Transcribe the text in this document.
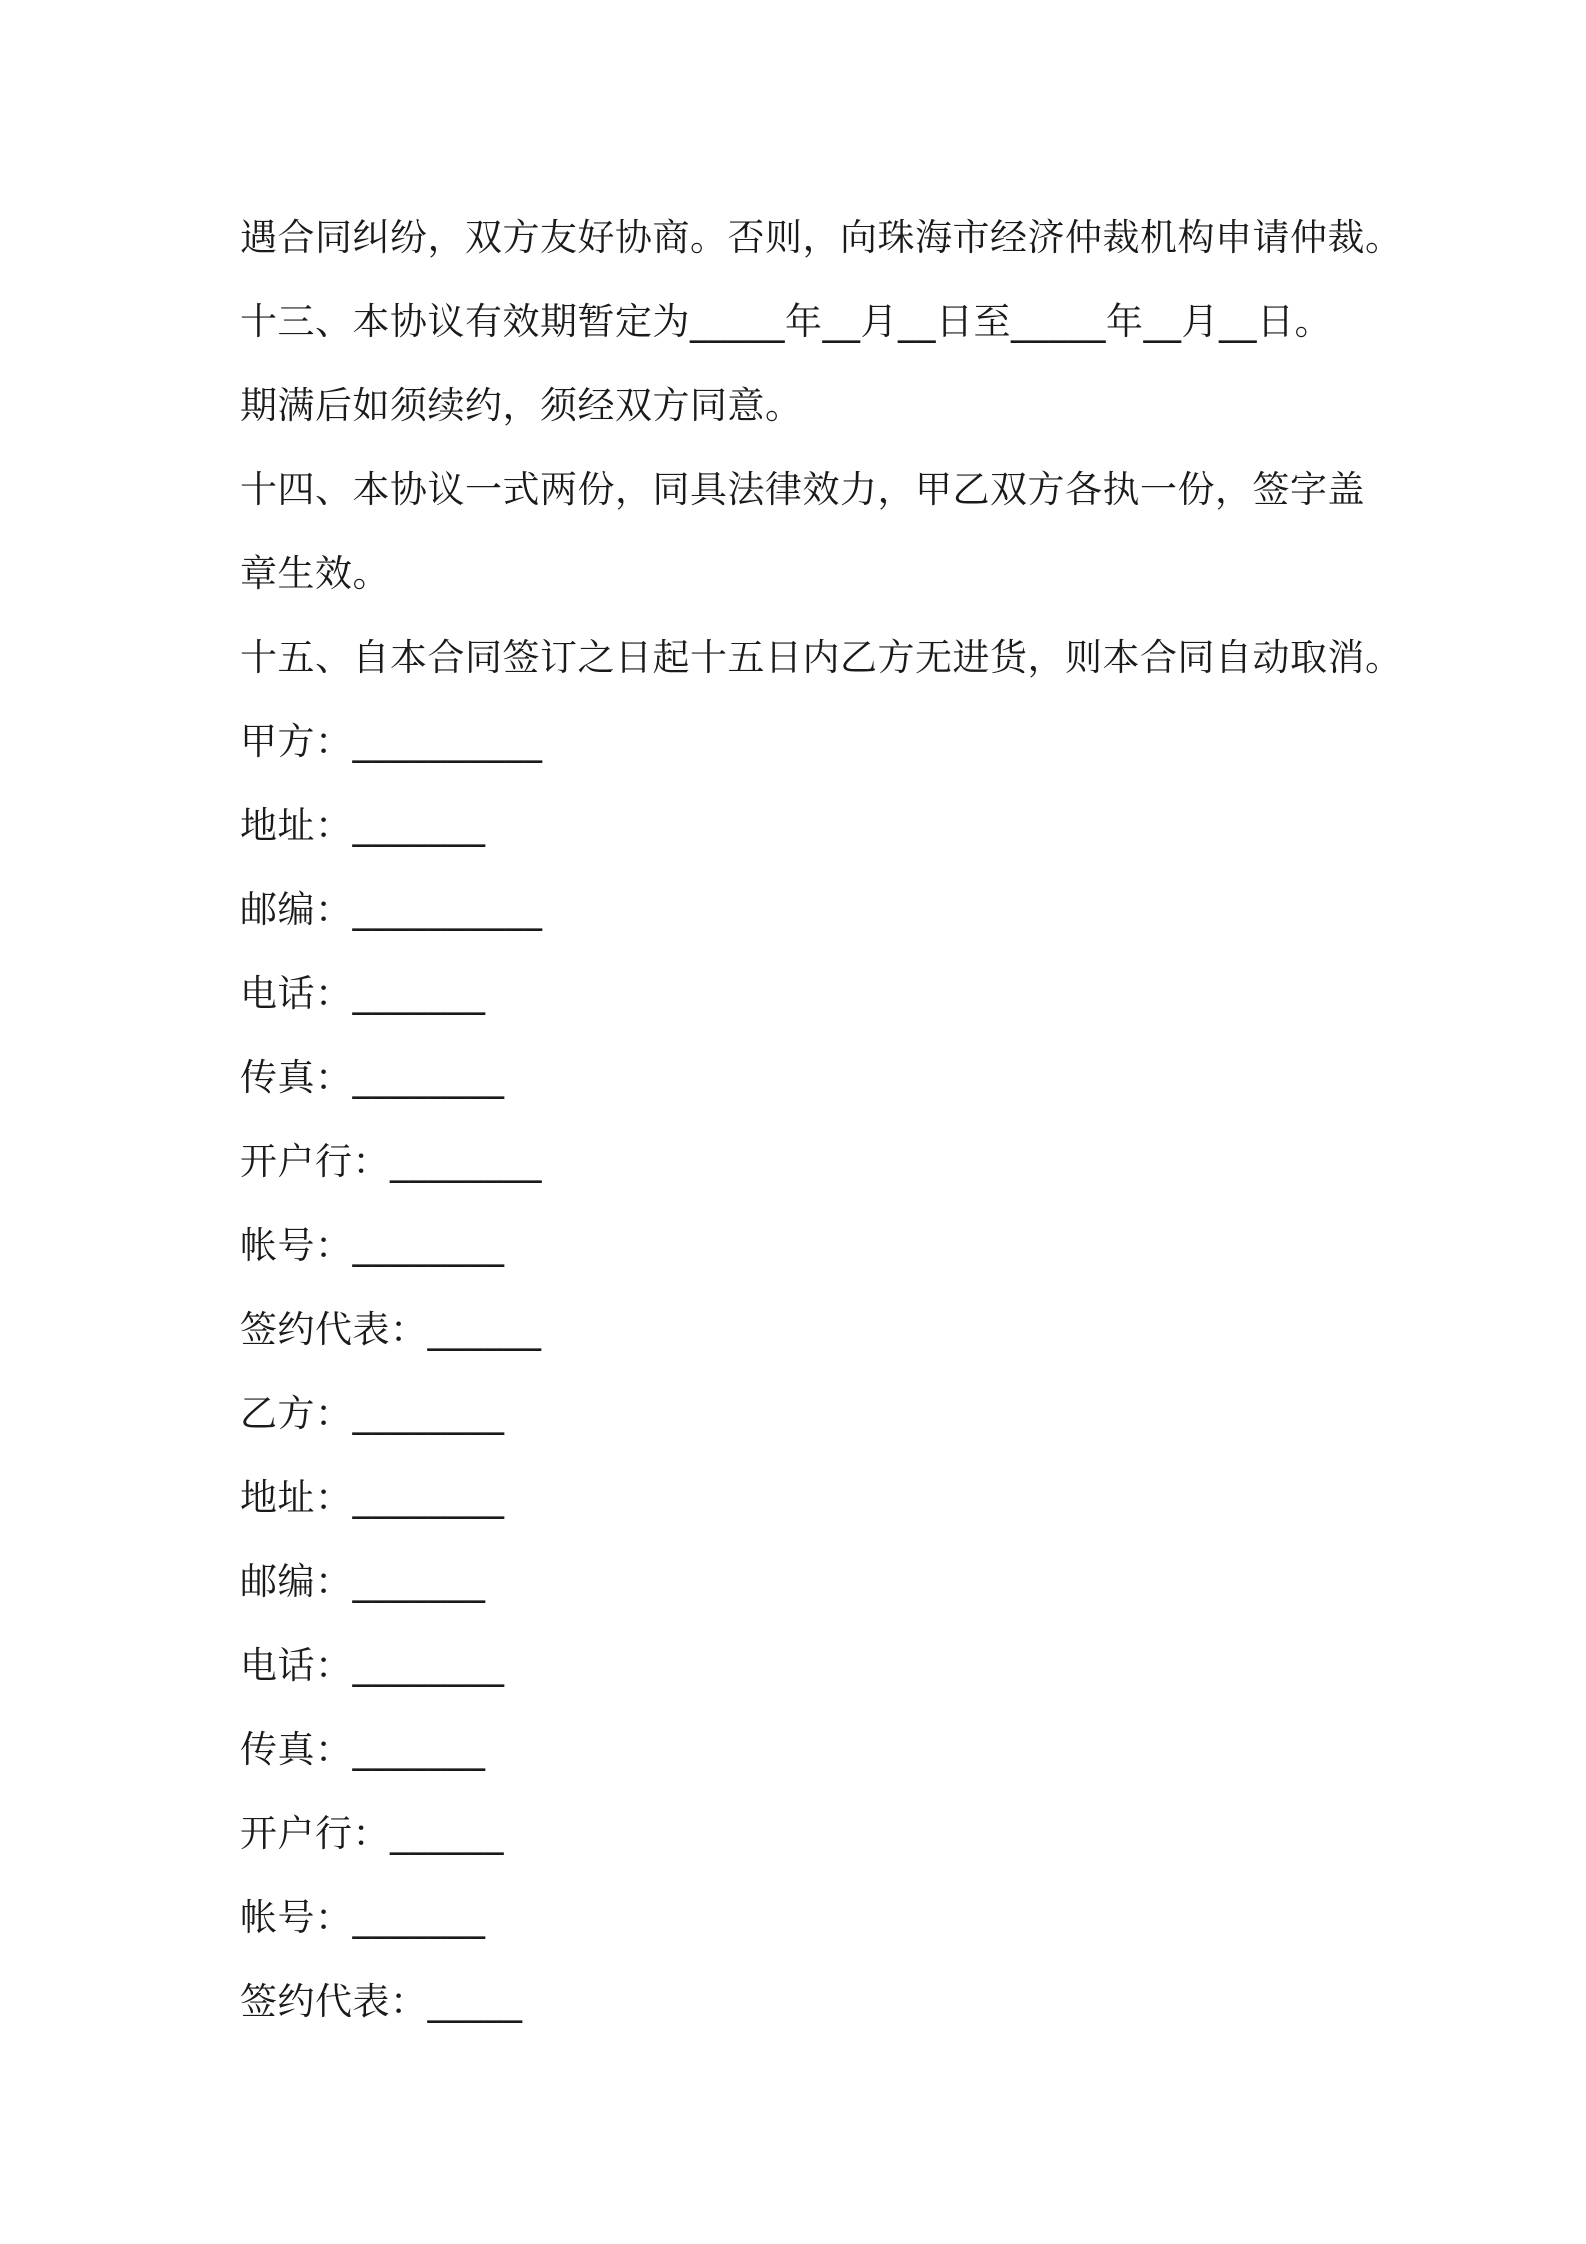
遇合同纠纷，双方友好协商。否则，向珠海市经济仲裁机构申请仲裁。
十三、本协议有效期暂定为_____年__月__日至_____年__月__日。
期满后如须续约，须经双方同意。
十四、本协议一式两份，同具法律效力，甲乙双方各执一份，签字盖
章生效。
十五、自本合同签订之日起十五日内乙方无进货，则本合同自动取消。
甲方：__________
地址：_______
邮编：__________
电话：_______
传真：________
开户行：________
帐号：________
签约代表：______
乙方：________
地址：________
邮编：_______
电话：________
传真：_______
开户行：______
帐号：_______
签约代表：_____
